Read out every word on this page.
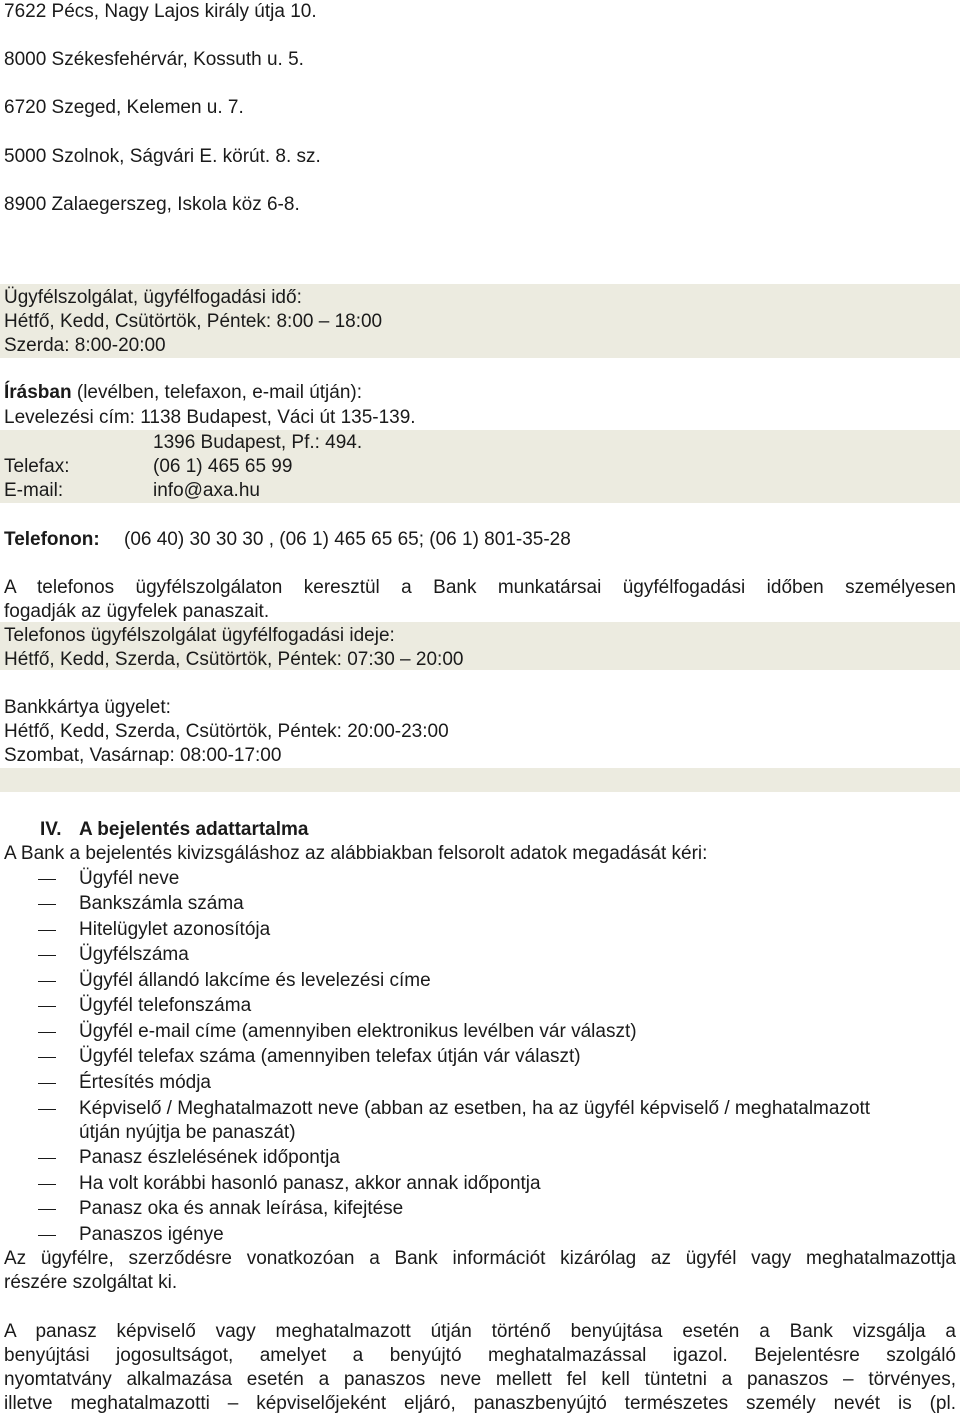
7622 Pécs, Nagy Lajos király útja 10.
8000 Székesfehérvár, Kossuth u. 5.
6720 Szeged, Kelemen u. 7.
5000 Szolnok, Ságvári E. körút. 8. sz.
8900 Zalaegerszeg, Iskola köz 6-8.
Ügyfélszolgálat, ügyfélfogadási idő:
Hétfő, Kedd, Csütörtök, Péntek: 8:00 – 18:00
Szerda: 8:00-20:00
Írásban (levélben, telefaxon, e-mail útján):
Levelezési cím: 1138 Budapest, Váci út 135-139.
1396 Budapest, Pf.: 494.
Telefax:	(06 1) 465 65 99
E-mail:	info@axa.hu
Telefonon: (06 40) 30 30 30 , (06 1) 465 65 65; (06 1) 801-35-28
A telefonos ügyfélszolgálaton keresztül a Bank munkatársai ügyfélfogadási időben személyesen
fogadják az ügyfelek panaszait.
Telefonos ügyfélszolgálat ügyfélfogadási ideje:
Hétfő, Kedd, Szerda, Csütörtök, Péntek: 07:30 – 20:00
Bankkártya ügyelet:
Hétfő, Kedd, Szerda, Csütörtök, Péntek: 20:00-23:00
Szombat, Vasárnap: 08:00-17:00
IV. A bejelentés adattartalma
A Bank a bejelentés kivizsgáláshoz az alábbiakban felsorolt adatok megadását kéri:
Ügyfél neve
Bankszámla száma
Hitelügylet azonosítója
Ügyfélszáma
Ügyfél állandó lakcíme és levelezési címe
Ügyfél telefonszáma
Ügyfél e-mail címe (amennyiben elektronikus levélben vár választ)
Ügyfél telefax száma (amennyiben telefax útján vár választ)
Értesítés módja
Képviselő / Meghatalmazott neve (abban az esetben, ha az ügyfél képviselő / meghatalmazott
útján nyújtja be panaszát)
Panasz észlelésének időpontja
Ha volt korábbi hasonló panasz, akkor annak időpontja
Panasz oka és annak leírása, kifejtése
Panaszos igénye
Az ügyfélre, szerződésre vonatkozóan a Bank információt kizárólag az ügyfél vagy meghatalmazottja
részére szolgáltat ki.
A panasz képviselő vagy meghatalmazott útján történő benyújtása esetén a Bank vizsgálja a
benyújtási jogosultságot, amelyet a benyújtó meghatalmazással igazol. Bejelentésre szolgáló
nyomtatvány alkalmazása esetén a panaszos neve mellett fel kell tüntetni a panaszos – törvényes,
illetve meghatalmazotti – képviselőjeként eljáró, panaszbenyújtó természetes személy nevét is (pl.
